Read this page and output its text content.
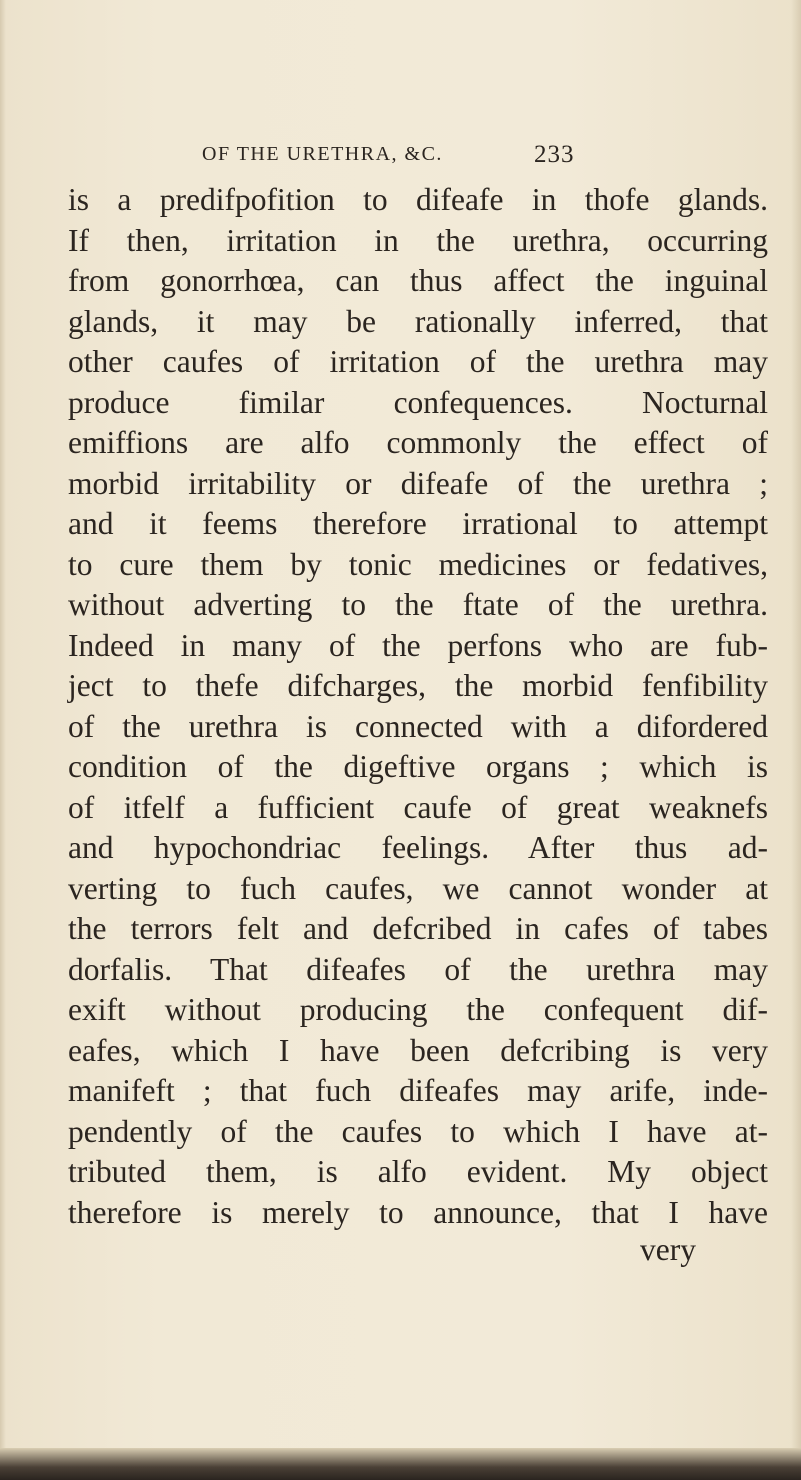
OF THE URETHRA, &C.	233
is a predifpofition to difeafe in thofe glands.
If then, irritation in the urethra, occurring
from gonorrhœa, can thus affect the inguinal
glands, it may be rationally inferred, that
other caufes of irritation of the urethra may
produce fimilar confequences. Nocturnal
emiffions are alfo commonly the effect of
morbid irritability or difeafe of the urethra ;
and it feems therefore irrational to attempt
to cure them by tonic medicines or fedatives,
without adverting to the ftate of the urethra.
Indeed in many of the perfons who are fub-
ject to thefe difcharges, the morbid fenfibility
of the urethra is connected with a difordered
condition of the digeftive organs ; which is
of itfelf a fufficient caufe of great weaknefs
and hypochondriac feelings. After thus ad-
verting to fuch caufes, we cannot wonder at
the terrors felt and defcribed in cafes of tabes
dorfalis. That difeafes of the urethra may
exift without producing the confequent dif-
eafes, which I have been defcribing is very
manifeft ; that fuch difeafes may arife, inde-
pendently of the caufes to which I have at-
tributed them, is alfo evident. My object
therefore is merely to announce, that I have
very
